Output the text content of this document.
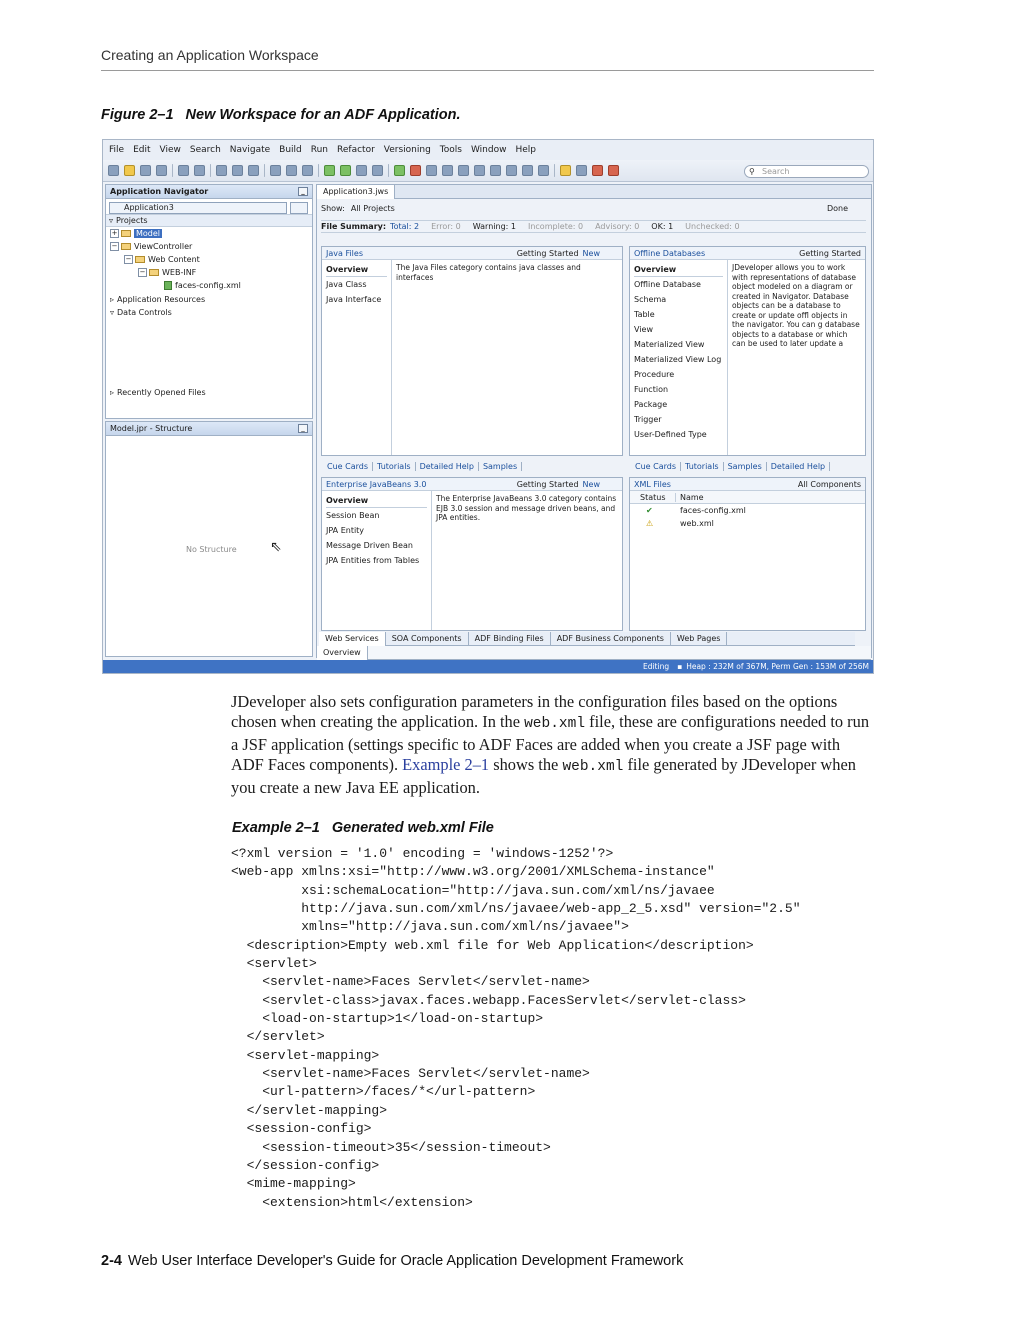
Creating an Application Workspace
Figure 2–1 New Workspace for an ADF Application.
File Edit View Search Navigate Build Run Refactor Versioning Tools Window Help
⚲ Search
Application Navigator	_
Application3
▿ Projects
+ Model
− ViewController
− Web Content
− WEB-INF
faces-config.xml
▹ Application Resources
▿ Data Controls
▹ Recently Opened Files
Model.jpr - Structure	_
No Structure ⇖
Application3.jws
Show: All Projects	Done
File Summary: Total: 2 Error: 0 Warning: 1 Incomplete: 0 Advisory: 0 OK: 1 Unchecked: 0
Java Files	Getting Started New
Overview
Java Class
Java Interface
The Java Files category contains java classes and interfaces
Offline Databases	Getting Started
Overview
Offline Database
Schema
Table
View
Materialized View
Materialized View Log
Procedure
Function
Package
Trigger
User-Defined Type
JDeveloper allows you to work with representations of database object modeled on a diagram or created in Navigator. Database objects can be a database to create or update offl objects in the navigator. You can g database objects to a database or which can be used to later update a
Cue Cards	Tutorials	Detailed Help	Samples	Cue Cards	Tutorials	Samples	Detailed Help
Enterprise JavaBeans 3.0	Getting Started New
Overview
Session Bean
JPA Entity
Message Driven Bean
JPA Entities from Tables
The Enterprise JavaBeans 3.0 category contains EJB 3.0 session and message driven beans, and JPA entities.
XML Files	All Components
Status	Name
✔	faces-config.xml
⚠	web.xml
Web Services	SOA Components	ADF Binding Files	ADF Business Components	Web Pages
Overview
Editing ▪ Heap : 232M of 367M, Perm Gen : 153M of 256M

JDeveloper also sets configuration parameters in the configuration files based on the options chosen when creating the application. In the web.xml file, these are configurations needed to run a JSF application (settings specific to ADF Faces are added when you create a JSF page with ADF Faces components). Example 2–1 shows the web.xml file generated by JDeveloper when you create a new Java EE application.

Example 2–1 Generated web.xml File
<?xml version = '1.0' encoding = 'windows-1252'?>
<web-app xmlns:xsi="http://www.w3.org/2001/XMLSchema-instance"
xsi:schemaLocation="http://java.sun.com/xml/ns/javaee
http://java.sun.com/xml/ns/javaee/web-app_2_5.xsd" version="2.5"
xmlns="http://java.sun.com/xml/ns/javaee">
<description>Empty web.xml file for Web Application</description>
<servlet>
<servlet-name>Faces Servlet</servlet-name>
<servlet-class>javax.faces.webapp.FacesServlet</servlet-class>
<load-on-startup>1</load-on-startup>
</servlet>
<servlet-mapping>
<servlet-name>Faces Servlet</servlet-name>
<url-pattern>/faces/*</url-pattern>
</servlet-mapping>
<session-config>
<session-timeout>35</session-timeout>
</session-config>
<mime-mapping>
<extension>html</extension>
2-4 Web User Interface Developer's Guide for Oracle Application Development Framework
